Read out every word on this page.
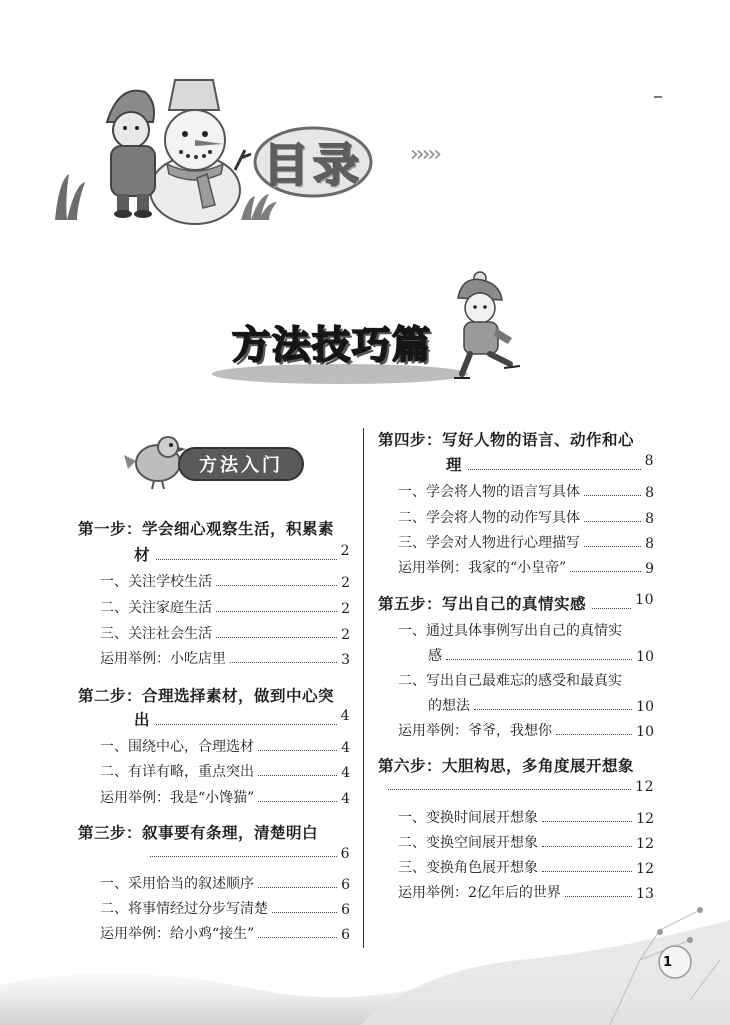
目录 ›››››
方法技巧篇
方法入门
第一步：学会细心观察生活，积累素
材	2
一、关注学校生活	2
二、关注家庭生活	2
三、关注社会生活	2
运用举例：小吃店里	3
第二步：合理选择素材，做到中心突
出	4
一、围绕中心，合理选材	4
二、有详有略，重点突出	4
运用举例：我是“小馋猫”	4
第三步：叙事要有条理，清楚明白
6
一、采用恰当的叙述顺序	6
二、将事情经过分步写清楚	6
运用举例：给小鸡“接生”	6
第四步：写好人物的语言、动作和心
理	8
一、学会将人物的语言写具体	8
二、学会将人物的动作写具体	8
三、学会对人物进行心理描写	8
运用举例：我家的“小皇帝”	9
第五步：写出自己的真情实感	10
一、通过具体事例写出自己的真情实
感	10
二、写出自己最难忘的感受和最真实
的想法	10
运用举例：爷爷，我想你	10
第六步：大胆构思，多角度展开想象
12
一、变换时间展开想象	12
二、变换空间展开想象	12
三、变换角色展开想象	12
运用举例：2亿年后的世界	13
1
